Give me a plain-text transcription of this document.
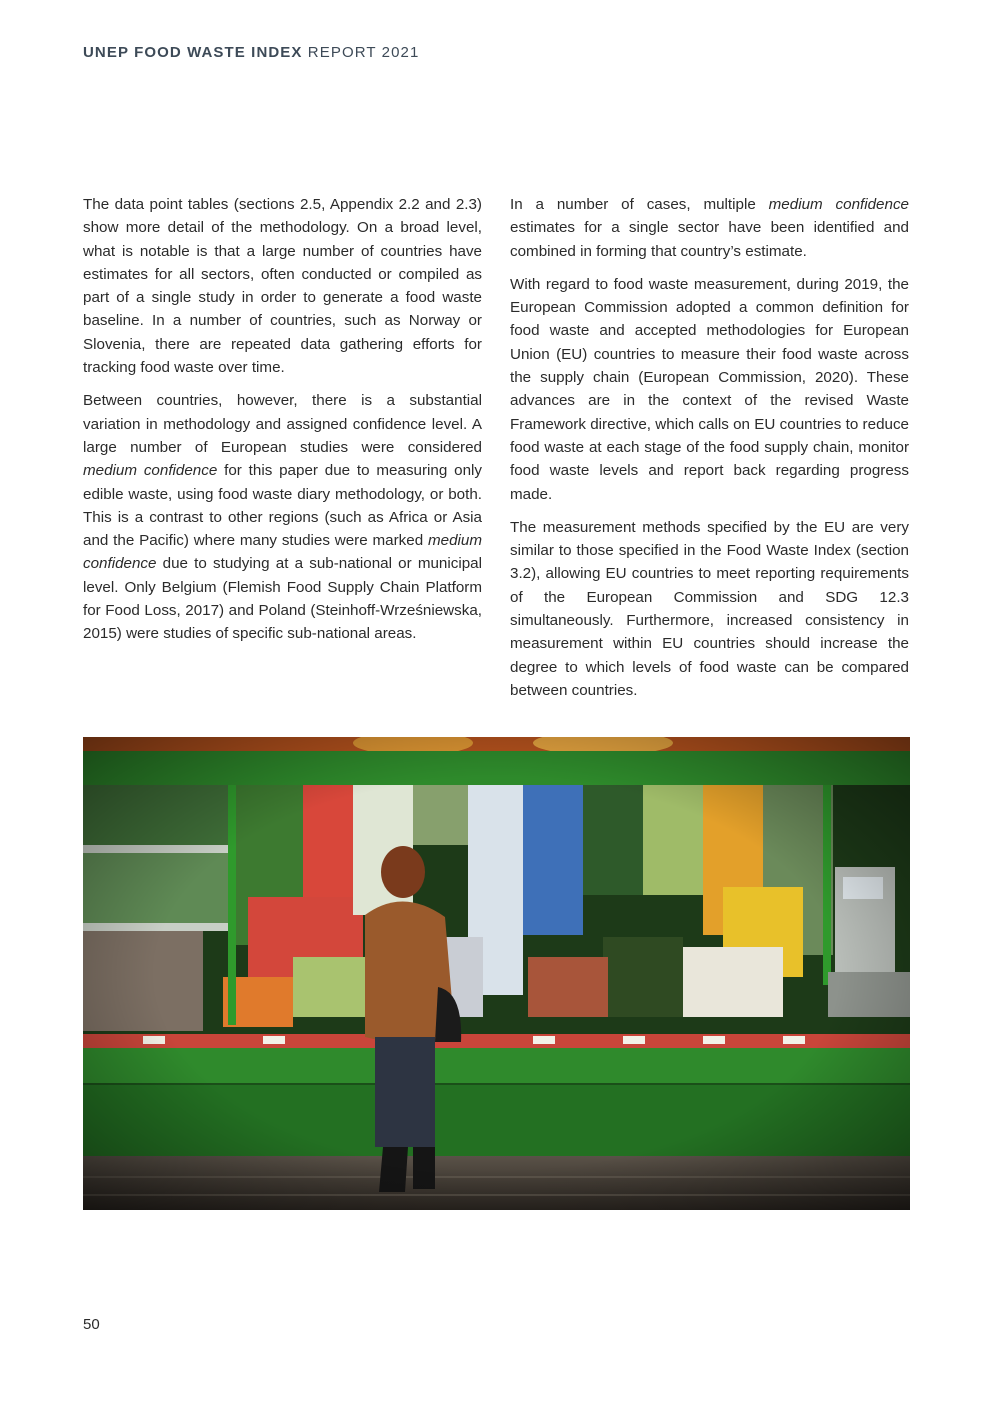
UNEP FOOD WASTE INDEX REPORT 2021

The data point tables (sections 2.5, Appendix 2.2 and 2.3) show more detail of the methodology. On a broad level, what is notable is that a large number of countries have estimates for all sectors, often conducted or compiled as part of a single study in order to generate a food waste baseline. In a number of countries, such as Norway or Slovenia, there are repeated data gathering efforts for tracking food waste over time.

Between countries, however, there is a substantial variation in methodology and assigned confidence level. A large number of European studies were considered medium confidence for this paper due to measuring only edible waste, using food waste diary methodology, or both. This is a contrast to other regions (such as Africa or Asia and the Pacific) where many studies were marked medium confidence due to studying at a sub-national or municipal level. Only Belgium (Flemish Food Supply Chain Platform for Food Loss, 2017) and Poland (Steinhoff-Wrześniewska, 2015) were studies of specific sub-national areas.

In a number of cases, multiple medium confidence estimates for a single sector have been identified and combined in forming that country’s estimate.

With regard to food waste measurement, during 2019, the European Commission adopted a common definition for food waste and accepted methodologies for European Union (EU) countries to measure their food waste across the supply chain (European Commission, 2020). These advances are in the context of the revised Waste Framework directive, which calls on EU countries to reduce food waste at each stage of the food supply chain, monitor food waste levels and report back regarding progress made.

The measurement methods specified by the EU are very similar to those specified in the Food Waste Index (section 3.2), allowing EU countries to meet reporting requirements of the European Commission and SDG 12.3 simultaneously. Furthermore, increased consistency in measurement within EU countries should increase the degree to which levels of food waste can be compared between countries.

50
